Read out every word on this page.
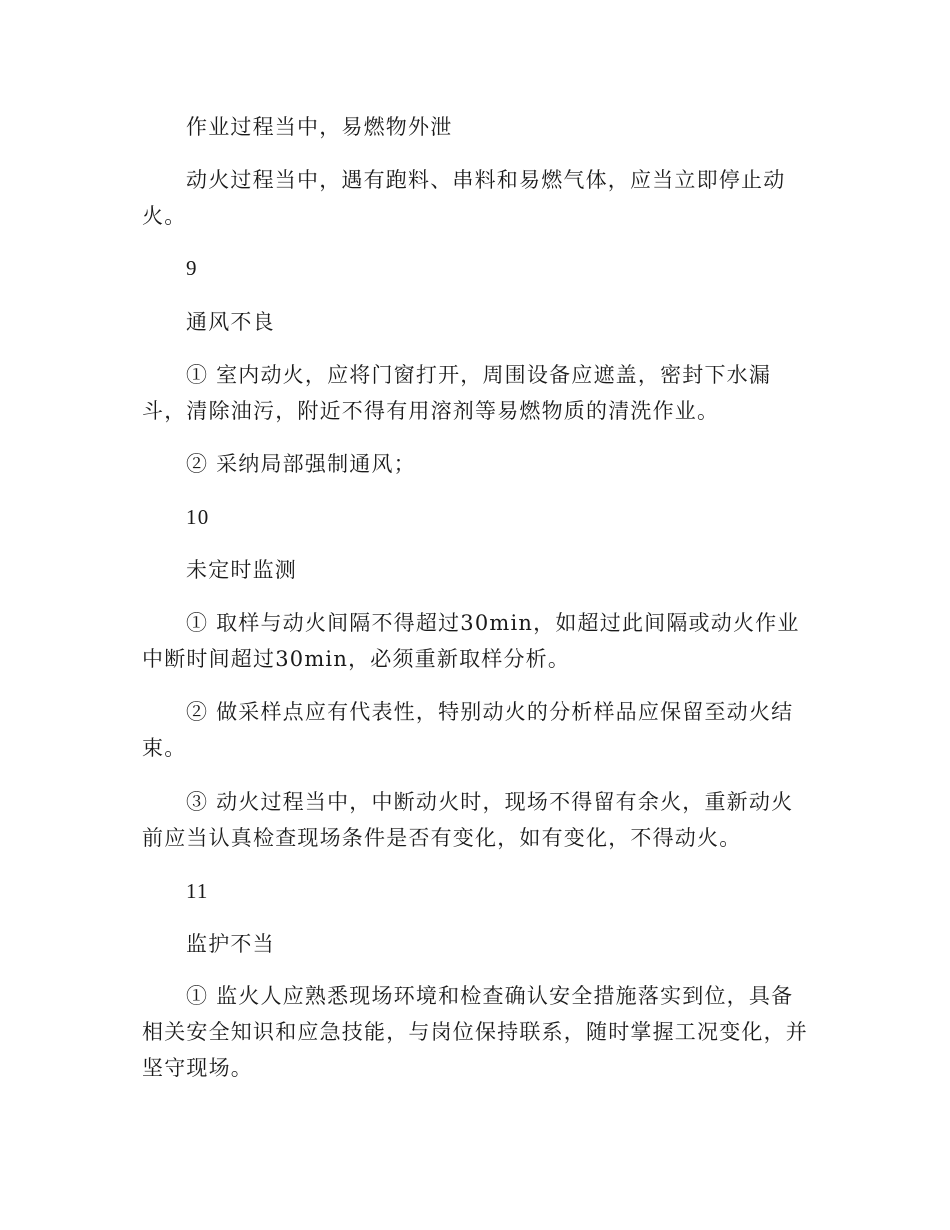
作业过程当中，易燃物外泄

动火过程当中，遇有跑料、串料和易燃气体，应当立即停止动火。

9

通风不良

① 室内动火，应将门窗打开，周围设备应遮盖，密封下水漏斗，清除油污，附近不得有用溶剂等易燃物质的清洗作业。

② 采纳局部强制通风；

10

未定时监测

① 取样与动火间隔不得超过30min，如超过此间隔或动火作业中断时间超过30min，必须重新取样分析。

② 做采样点应有代表性，特别动火的分析样品应保留至动火结束。

③ 动火过程当中，中断动火时，现场不得留有余火，重新动火前应当认真检查现场条件是否有变化，如有变化，不得动火。

11

监护不当

① 监火人应熟悉现场环境和检查确认安全措施落实到位，具备相关安全知识和应急技能，与岗位保持联系，随时掌握工况变化，并坚守现场。
